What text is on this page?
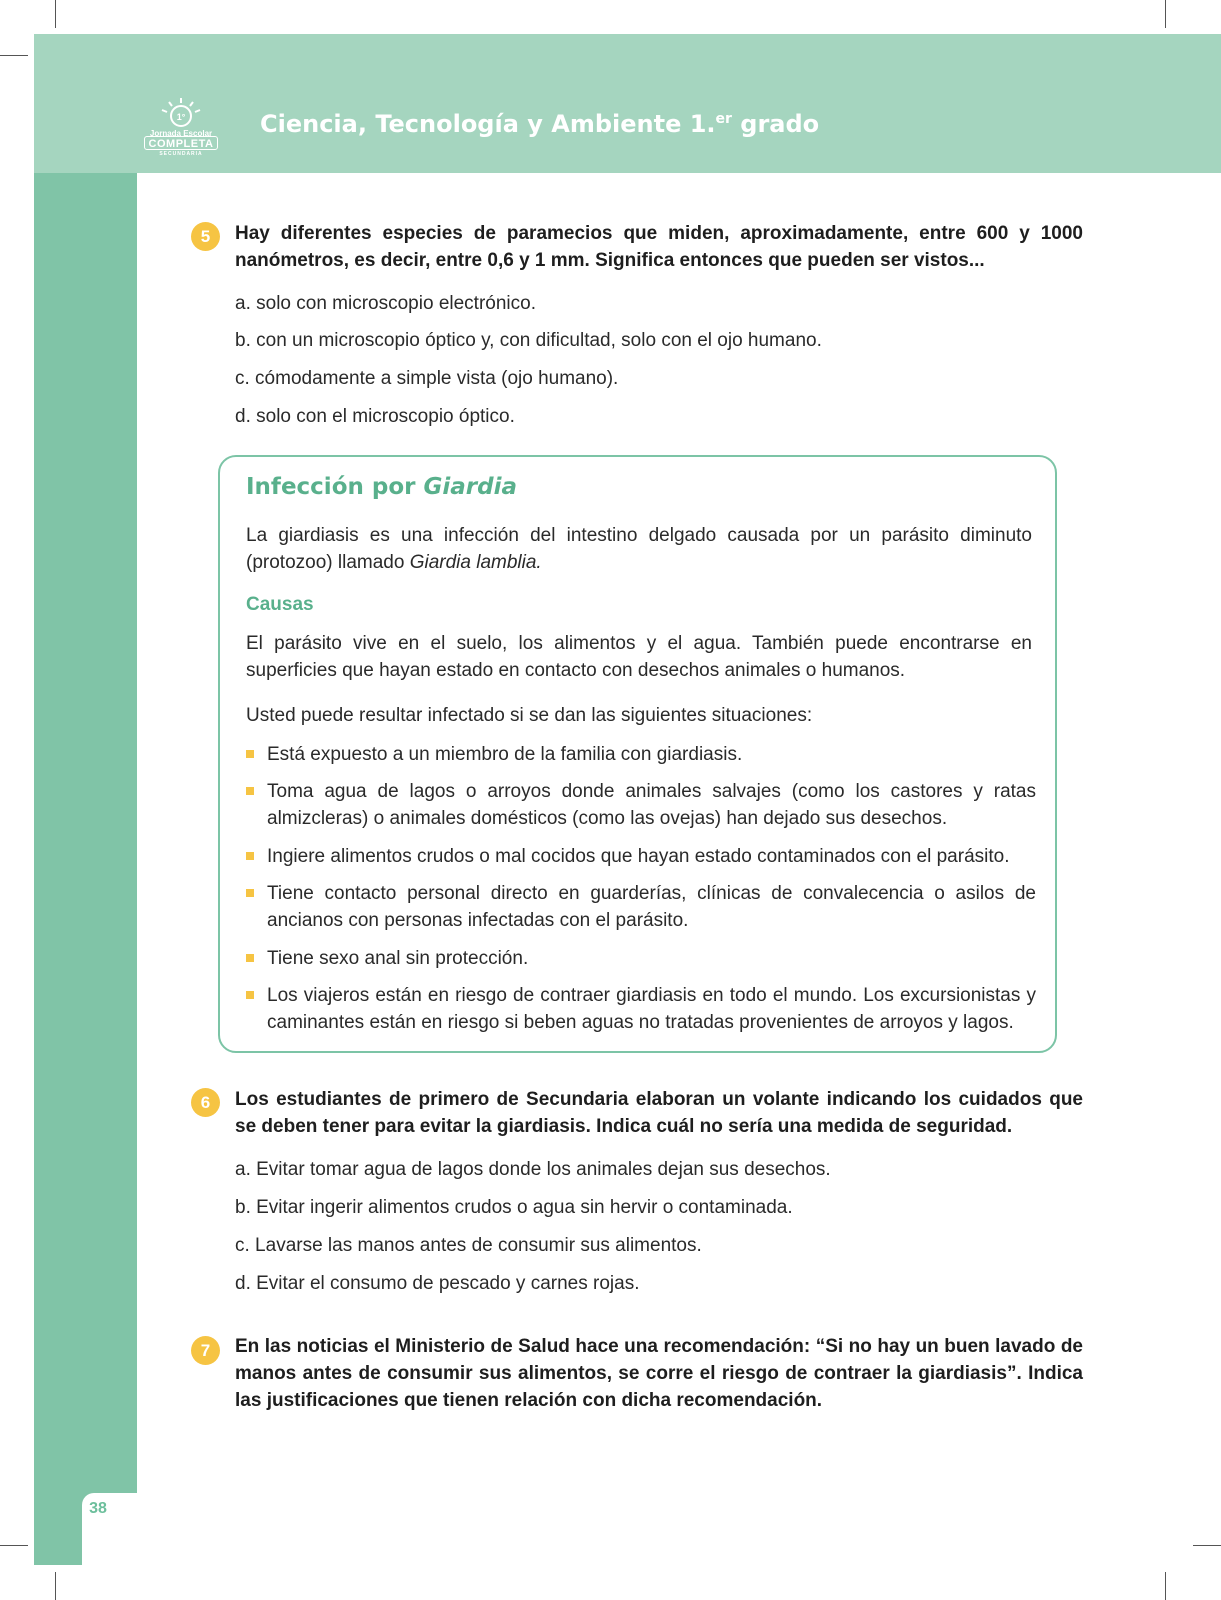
38
1°
Jornada Escolar
COMPLETA
SECUNDARIA
Ciencia, Tecnología y Ambiente 1.$^{er}$ grado
5	Hay diferentes especies de paramecios que miden, aproximadamente, entre 600 y 1000 nanómetros, es decir, entre 0,6 y 1 mm. Significa entonces que pueden ser vistos...
a. solo con microscopio electrónico.
b. con un microscopio óptico y, con dificultad, solo con el ojo humano.
c. cómodamente a simple vista (ojo humano).
d. solo con el microscopio óptico.
Infección por Giardia
La giardiasis es una infección del intestino delgado causada por un parásito diminuto (protozoo) llamado Giardia lamblia.
Causas
El parásito vive en el suelo, los alimentos y el agua. También puede encontrarse en superficies que hayan estado en contacto con desechos animales o humanos.
Usted puede resultar infectado si se dan las siguientes situaciones:
Está expuesto a un miembro de la familia con giardiasis.
Toma agua de lagos o arroyos donde animales salvajes (como los castores y ratas almizcleras) o animales domésticos (como las ovejas) han dejado sus desechos.
Ingiere alimentos crudos o mal cocidos que hayan estado contaminados con el parásito.
Tiene contacto personal directo en guarderías, clínicas de convalecencia o asilos de ancianos con personas infectadas con el parásito.
Tiene sexo anal sin protección.
Los viajeros están en riesgo de contraer giardiasis en todo el mundo. Los excursionistas y caminantes están en riesgo si beben aguas no tratadas provenientes de arroyos y lagos.
6	Los estudiantes de primero de Secundaria elaboran un volante indicando los cuidados que se deben tener para evitar la giardiasis. Indica cuál no sería una medida de seguridad.
a. Evitar tomar agua de lagos donde los animales dejan sus desechos.
b. Evitar ingerir alimentos crudos o agua sin hervir o contaminada.
c. Lavarse las manos antes de consumir sus alimentos.
d. Evitar el consumo de pescado y carnes rojas.
7	En las noticias el Ministerio de Salud hace una recomendación: “Si no hay un buen lavado de manos antes de consumir sus alimentos, se corre el riesgo de contraer la giardiasis”. Indica las justificaciones que tienen relación con dicha recomendación.
